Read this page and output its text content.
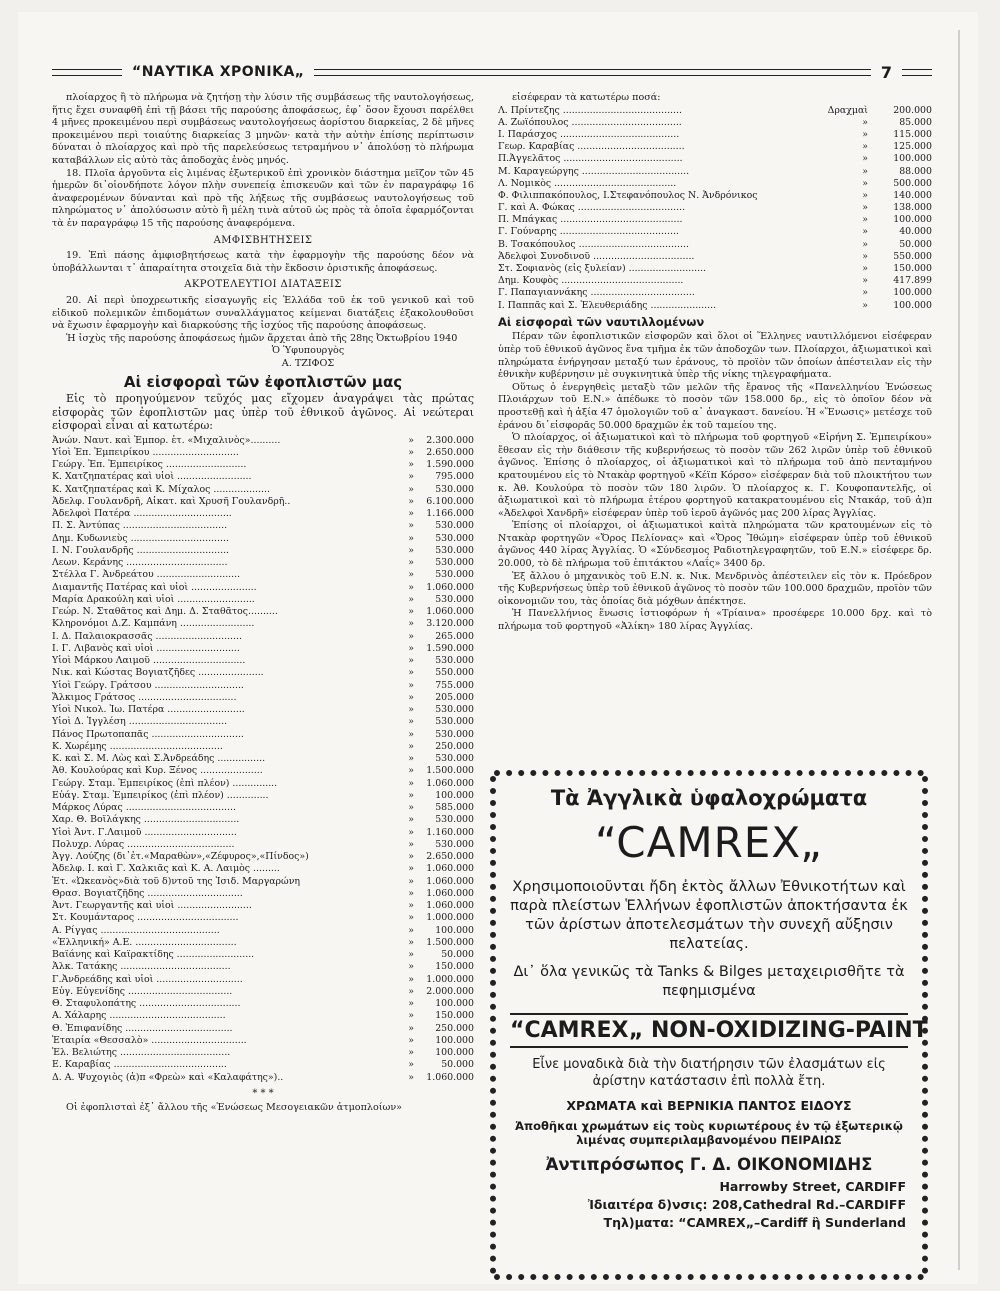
“ΝΑΥΤΙΚΑ ΧΡΟΝΙΚΑ„	7

πλοίαρχος ἢ τὸ πλήρωμα νὰ ζητήσῃ τὴν λύσιν τῆς συμβάσεως τῆς ναυτολογήσεως, ἥτις ἔχει συναφθῆ ἐπὶ τῇ βάσει τῆς παρούσης ἀποφάσεως, ἐφ᾽ ὅσον ἔχουσι παρέλθει 4 μῆνες προκειμένου περὶ συμβάσεως ναυτολογήσεως ἀορίστου διαρκείας, 2 δὲ μῆνες προκειμένου περὶ τοιαύτης διαρκείας 3 μηνῶν· κατὰ τὴν αὐτὴν ἐπίσης περίπτωσιν δύναται ὁ πλοίαρχος καὶ πρὸ τῆς παρελεύσεως τετραμήνου ν᾽ ἀπολύσῃ τὸ πλήρωμα καταβάλλων εἰς αὐτὸ τὰς ἀποδοχὰς ἑνὸς μηνός.

18. Πλοῖα ἀργοῦντα εἰς λιμένας ἐξωτερικοῦ ἐπὶ χρονικὸν διάστημα μεῖζον τῶν 45 ἡμερῶν δι᾽οἱονδήποτε λόγον πλὴν συνεπείᾳ ἐπισκευῶν καὶ τῶν ἐν παραγράφῳ 16 ἀναφερομένων δύνανται καὶ πρὸ τῆς λήξεως τῆς συμβάσεως ναυτολογήσεως τοῦ πληρώματος ν᾽ ἀπολύσωσιν αὐτὸ ἢ μέλη τινὰ αὐτοῦ ὡς πρὸς τὰ ὁποῖα ἐφαρμόζονται τὰ ἐν παραγράφῳ 15 τῆς παρούσης ἀναφερόμενα.

ΑΜΦΙΣΒΗΤΗΣΕΙΣ

19. Ἐπὶ πάσης ἀμφισβητήσεως κατὰ τὴν ἐφαρμογὴν τῆς παρούσης δέον νὰ ὑποβάλλωνται τ᾽ ἀπαραίτητα στοιχεῖα διὰ τὴν ἔκδοσιν ὁριστικῆς ἀποφάσεως.

ΑΚΡΟΤΕΛΕΥΤΙΟΙ ΔΙΑΤΑΞΕΙΣ

20. Αἱ περὶ ὑποχρεωτικῆς εἰσαγωγῆς εἰς Ἑλλάδα τοῦ ἐκ τοῦ γενικοῦ καὶ τοῦ εἰδικοῦ πολεμικῶν ἐπιδομάτων συναλλάγματος κείμεναι διατάξεις ἐξακολουθοῦσι νὰ ἔχωσιν ἐφαρμογὴν καὶ διαρκούσης τῆς ἰσχύος τῆς παρούσης ἀποφάσεως.

Ἡ ἰσχὺς τῆς παρούσης ἀποφάσεως ἡμῶν ἄρχεται ἀπὸ τῆς 28ης Ὀκτωβρίου 1940

Ὁ Ὑφυπουργὸς
Α. ΤΖΙΦΟΣ
Αἱ εἰσφοραὶ τῶν ἐφοπλιστῶν μας
Εἰς τὸ προηγούμενον τεῦχός μας εἴχομεν ἀναγράψει τὰς πρώτας εἰσφορὰς τῶν ἐφοπλιστῶν μας ὑπὲρ τοῦ ἐθνικοῦ ἀγῶνος. Αἱ νεώτεραι εἰσφοραὶ εἶναι αἱ κατωτέρω:
Ἀνών. Ναυτ. καὶ Ἐμπορ. ἑτ. «Μιχαλινὸς»..........	»	2.300.000
Υἱοὶ Ἐπ. Ἐμπειρίκου .............................	»	2.650.000
Γεώργ. Ἐπ. Ἐμπειρίκος ...........................	»	1.590.000
Κ. Χατζηπατέρας καὶ υἱοὶ .........................	»	795.000
Κ. Χατζηπατέρας καὶ Κ. Μίχαλος ...................	»	530.000
Ἀδελφ. Γουλανδρῆ, Αἰκατ. καὶ Χρυσῆ Γουλανδρῆ..	»	6.100.000
Ἀδελφοὶ Πατέρα .................................	»	1.166.000
Π. Σ. Ἀντύπας ...................................	»	530.000
Δημ. Κυδωνιεὺς .................................	»	530.000
Ι. Ν. Γουλανδρῆς ...............................	»	530.000
Λεων. Κεράνης ..................................	»	530.000
Στέλλα Γ. Ἀνδρεάτου ............................	»	530.000
Διαμαντῆς Πατέρας καὶ υἱοὶ ......................	»	1.060.000
Μαρία Δρακούλη καὶ υἱοὶ ..........................	»	530.000
Γεώρ. Ν. Σταθᾶτος καὶ Δημ. Δ. Σταθᾶτος..........	»	1.060.000
Κληρονόμοι Δ.Ζ. Καμπάνη .........................	»	3.120.000
Ι. Δ. Παλαιοκρασσᾶς .............................	»	265.000
Ι. Γ. Λιβανὸς καὶ υἱοὶ ............................	»	1.590.000
Υἱοὶ Μάρκου Λαιμοῦ ...............................	»	530.000
Νικ. καὶ Κώστας Βογιατζῆδες ......................	»	550.000
Υἱοὶ Γεώργ. Γράτσου ..............................	»	755.000
Ἄλκιμος Γράτσος .................................	»	205.000
Υἱοὶ Νικολ. Ἰω. Πατέρα ..........................	»	530.000
Υἱοὶ Δ. Ἰγγλέση .................................	»	530.000
Πάνος Πρωτοπαπᾶς ...............................	»	530.000
Κ. Χωρέμης ......................................	»	250.000
Κ. καὶ Σ. Μ. Λὼς καὶ Σ.Ἀνδρεάδης ................	»	530.000
Ἀθ. Κουλούρας καὶ Κυρ. Ξένος .....................	»	1.500.000
Γεώργ. Σταμ. Ἐμπειρίκος (ἐπὶ πλέον) ...............	»	1.060.000
Εὐάγ. Σταμ. Ἐμπειρίκος (ἐπὶ πλέον) ..............	»	100.000
Μάρκος Λύρας .....................................	»	585.000
Χαρ. Θ. Βοϊλάγκης ................................	»	530.000
Υἱοὶ Ἀντ. Γ.Λαιμοῦ ...............................	»	1.160.000
Πολυχρ. Λύρας ....................................	»	530.000
Ἀγγ. Λούζης (δι᾽ἐτ.«Μαραθὼν»,«Ζέφυρος»,«Πίνδος»)	»	2.650.000
Ἀδελφ. Ι. καὶ Γ. Χαλκιᾶς καὶ Κ. Α. Λαιμὸς .........	»	1.060.000
Ἑτ. «Ὠκεανὸς»διὰ τοῦ δ)ντοῦ της Ἰσιδ. Μαργαρώνη	»	1.060.000
Θρασ. Βογιατζῆδης ................................	»	1.060.000
Ἀντ. Γεωργαντῆς καὶ υἱοὶ .........................	»	1.060.000
Στ. Κουμάνταρος ..................................	»	1.000.000
Α. Ρίγγας ........................................	»	100.000
«Ἑλληνική» Α.Ε. ..................................	»	1.500.000
Βαϊάνης καὶ Καϊρακτίδης ..........................	»	50.000
Ἀλκ. Τατάκης .....................................	»	150.000
Γ.Ἀνδρεάδης καὶ υἱοὶ .............................	»	1.000.000
Εὐγ. Εὐγενίδης ...................................	»	2.000.000
Θ. Σταφυλοπάτης ..................................	»	100.000
Α. Χάλαρης .......................................	»	150.000
Θ. Ἐπιφανίδης ....................................	»	250.000
Ἑταιρία «Θεσσαλὸ» ................................	»	100.000
Ἐλ. Βελιώτης .....................................	»	100.000
Ε. Καραβίας ......................................	»	50.000
Δ. Α. Ψυχογιὸς (ἀ)π «Φρεὼ» καὶ «Καλαφάτης»)..	»	1.060.000
* * *

Οἱ ἐφοπλισταὶ ἐξ᾽ ἄλλου τῆς «Ἑνώσεως Μεσογειακῶν ἀτμοπλοίων»

εἰσέφεραν τὰ κατωτέρω ποσά:
Λ. Πρίντεζης ........................................	Δραχμαὶ	200.000
Α. Ζωϊόπουλος .....................................	»	85.000
Ι. Παράσχος ........................................	»	115.000
Γεωρ. Καραβίας ....................................	»	125.000
Π.Ἀγγελᾶτος ........................................	»	100.000
Μ. Καραγεώργης ....................................	»	88.000
Λ. Νομικὸς .........................................	»	500.000
Φ. Φιλιππακόπουλος, Ι.Στεφανόπουλος Ν. Ἀνδρόνικος	»	140.000
Γ. καὶ Α. Φώκας ....................................	»	138.000
Π. Μπάγκας .........................................	»	100.000
Γ. Γούναρης ........................................	»	40.000
Β. Τσακόπουλος .....................................	»	50.000
Ἀδελφοὶ Συνοδινοῦ ..................................	»	550.000
Στ. Σοφιανὸς (εἰς ξυλείαν) ..........................	»	150.000
Δημ. Κουφὸς .........................................	»	417.899
Γ. Παπαγιαννάκης ...................................	»	100.000
Ι. Παππᾶς καὶ Σ. Ἐλευθεριάδης ......................	»	100.000
Αἱ εἰσφοραὶ τῶν ναυτιλλομένων

Πέραν τῶν ἐφοπλιστικῶν εἰσφορῶν καὶ ὅλοι οἱ Ἕλληνες ναυτιλλόμενοι εἰσέφεραν ὑπὲρ τοῦ ἐθνικοῦ ἀγῶνος ἕνα τμῆμα ἐκ τῶν ἀποδοχῶν των. Πλοίαρχοι, ἀξιωματικοὶ καὶ πληρώματα ἐνήργησαν μεταξύ των ἐράνους, τὸ προϊὸν τῶν ὁποίων ἀπέστειλαν εἰς τὴν ἐθνικὴν κυβέρνησιν μὲ συγκινητικὰ ὑπὲρ τῆς νίκης τηλεγραφήματα.

Οὕτως ὁ ἐνεργηθεὶς μεταξὺ τῶν μελῶν τῆς ἔρανος τῆς «Πανελληνίου Ἑνώσεως Πλοιάρχων τοῦ Ε.Ν.» ἀπέδωκε τὸ ποσὸν τῶν 158.000 δρ., εἰς τὸ ὁποῖον δέον νὰ προστεθῇ καὶ ἡ ἀξία 47 ὁμολογιῶν τοῦ α᾽ ἀναγκαστ. δανείου. Ἡ «Ἕνωσις» μετέσχε τοῦ ἐράνου δι᾽εἰσφορᾶς 50.000 δραχμῶν ἐκ τοῦ ταμείου της.

Ὁ πλοίαρχος, οἱ ἀξιωματικοὶ καὶ τὸ πλήρωμα τοῦ φορτηγοῦ «Εἰρήνη Σ. Ἐμπειρίκου» ἔθεσαν εἰς τὴν διάθεσιν τῆς κυβερνήσεως τὸ ποσὸν τῶν 262 λιρῶν ὑπὲρ τοῦ ἐθνικοῦ ἀγῶνος. Ἐπίσης ὁ πλοίαρχος, οἱ ἀξιωματικοὶ καὶ τὸ πλήρωμα τοῦ ἀπὸ πενταμήνου κρατουμένου εἰς τὸ Ντακὰρ φορτηγοῦ «Κέϊπ Κόρσο» εἰσέφεραν διὰ τοῦ πλοικτήτου των κ. Ἀθ. Κουλούρα τὸ ποσὸν τῶν 180 λιρῶν. Ὁ πλοίαρχος κ. Γ. Κουφοπαντελῆς, οἱ ἀξιωματικοὶ καὶ τὸ πλήρωμα ἑτέρου φορτηγοῦ κατακρατουμένου εἰς Ντακάρ, τοῦ ἀ)π «Ἀδελφοὶ Χανδρῆ» εἰσέφεραν ὑπὲρ τοῦ ἱεροῦ ἀγῶνός μας 200 λίρας Ἀγγλίας.

Ἐπίσης οἱ πλοίαρχοι, οἱ ἀξιωματικοὶ καὶτὰ πληρώματα τῶν κρατουμένων εἰς τὸ Ντακὰρ φορτηγῶν «Ὄρος Πελίονας» καὶ «Ὄρος Ἴθώμη» εἰσέφεραν ὑπὲρ τοῦ ἐθνικοῦ ἀγῶνος 440 λίρας Ἀγγλίας. Ὁ «Σύνδεσμος Ραδιοτηλεγραφητῶν, τοῦ Ε.Ν.» εἰσέφερε δρ. 20.000, τὸ δὲ πλήρωμα τοῦ ἐπιτάκτου «Λαΐς» 3400 δρ.

Ἐξ ἄλλου ὁ μηχανικὸς τοῦ Ε.Ν. κ. Νικ. Μενδρινὸς ἀπέστειλεν εἰς τὸν κ. Πρόεδρον τῆς Κυβερνήσεως ὑπὲρ τοῦ ἐθνικοῦ ἀγῶνος τὸ ποσὸν τῶν 100.000 δραχμῶν, προϊὸν τῶν οἰκονομιῶν του, τὰς ὁποίας διὰ μόχθων ἀπέκτησε.

Ἡ Πανελλήνιος ἕνωσις ἰστιοφόρων ἡ «Τρίαινα» προσέφερε 10.000 δρχ. καὶ τὸ πλήρωμα τοῦ φορτηγοῦ «Ἀλίκη» 180 λίρας Ἀγγλίας.

Τὰ Ἀγγλικὰ ὑφαλοχρώματα
“CAMREX„
Χρησιμοποιοῦνται ἤδη ἐκτὸς ἄλλων Ἐθνικοτήτων καὶ παρὰ πλείστων Ἑλλήνων ἐφοπλιστῶν ἀποκτήσαντα ἐκ τῶν ἀρίστων ἀποτελεσμάτων τὴν συνεχῆ αὔξησιν πελατείας.
Δι᾽ ὅλα γενικῶς τὰ Tanks & Bilges μεταχειρισθῆτε τὰ πεφημισμένα
“CAMREX„ NON-OXIDIZING-PAINT
Εἶνε μοναδικὰ διὰ τὴν διατήρησιν τῶν ἐλασμάτων εἰς ἀρίστην κατάστασιν ἐπὶ πολλὰ ἔτη.
ΧΡΩΜΑΤΑ καὶ ΒΕΡΝΙΚΙΑ ΠΑΝΤΟΣ ΕΙΔΟΥΣ
Ἀποθῆκαι χρωμάτων εἰς τοὺς κυριωτέρους ἐν τῷ ἐξωτερικῷ λιμένας συμπεριλαμβανομένου ΠΕΙΡΑΙΩΣ
Ἀντιπρόσωπος Γ. Δ. ΟΙΚΟΝΟΜΙΔΗΣ
Harrowby Street, CARDIFF
Ἰδιαιτέρα δ)νσις: 208,Cathedral Rd.–CARDIFF
Τηλ)ματα: “CAMREX„–Cardiff ἢ Sunderland
